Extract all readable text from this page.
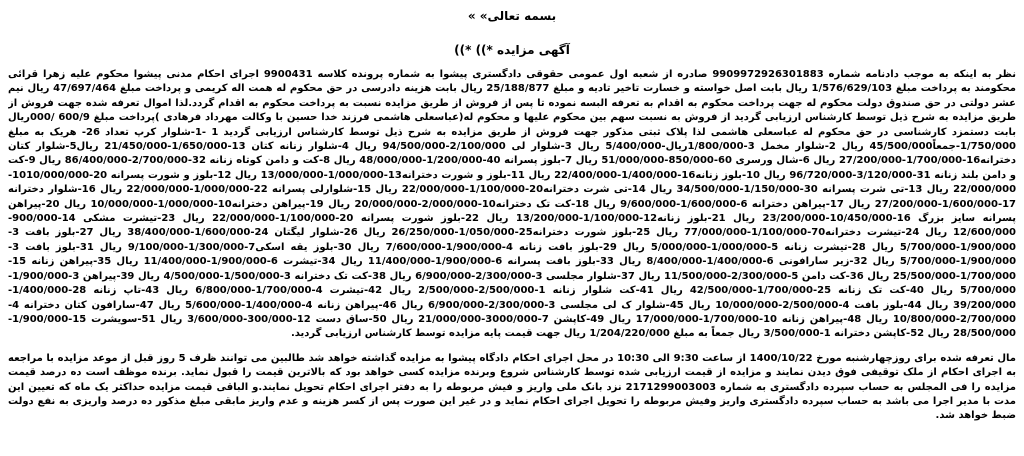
بسمه تعالی» »
آگهی مزایده *)) *))
نظر به اینکه به موجب دادنامه شماره 9909972926301883 صادره از شعبه اول عمومی حقوقی دادگستری پیشوا به شماره پرونده کلاسه 9900431 اجرای احکام مدنی پیشوا محکوم علیه زهرا قرائی محکومند به پرداخت مبلغ 1/576/629/103 ریال بابت اصل خواسته و خسارت تاخیر تادیه و مبلغ 25/188/877 ریال بابت هزینه دادرسی در حق محکوم له همت اله کریمی و پرداخت مبلغ 47/697/464 ریال نیم عشر دولتی در حق صندوق دولت محکوم له جهت پرداخت محکوم به اقدام به تعرفه البسه نموده تا پس از فروش از طریق مزایده نسبت به پرداخت محکوم به اقدام گردد.لذا اموال تعرفه شده جهت فروش از طریق مزایده به شرح ذیل توسط کارشناس ارزیابی گردید از فروش به نسبت سهم بین محکوم علیها و محکوم له(عباسعلی هاشمی فرزند خدا حسین با وکالت مهرداد فرهادی )پرداخت مبلغ 600/9 /000ریال بابت دستمزد کارشناسی در حق محکوم له عباسعلی هاشمی لذا پلاک ثبتی مذکور جهت فروش از طریق مزایده به شرح ذیل توسط کارشناس ارزیابی گردید 1 -1-شلوار کرپ تعداد 26- هریک به مبلغ 1/750/000-جمعاً45/500/000 ریال 2-شلوار مخمل 3-1/800/000ریال-5/400/000 ریال 3-شلوار لی 2/100/000-94/500/000 ریال 4-شلوار زنانه کتان 13-1/650/000-21/450/000 ریال5-شلوار کتان دخترانه16-1/700/000-27/200/000 ریال 6-شال ورسری 60-850/000-51/000/000 ریال 7-بلوز پسرانه 40-1/200/000-48/000/000 ریال 8-کت و دامن کوتاه زنانه 32-2/700/000-86/400/000 ریال 9-کت و دامن بلند زنانه 31-3/120/000-96/720/000 ریال 10-بلوز زنانه16-1/400/000-22/400/000 ریال 11-بلوز و شورت دخترانه13-1/000/000-13/000/000 ریال 12-بلوز و شورت پسرانه 20-1010/000/000-22/000/000 ریال 13-تی شرت پسرانه 30-1/150/000-34/500/000 ریال 14-تی شرت دخترانه20-1/100/000-22/000/000 ریال 15-شلوارلی پسرانه 22-1/000/000-22/000/000 ریال 16-شلوار دخترانه 17-1/600/000-27/200/000 ریال 17-پیراهن دخترانه 6-1/600/000-9/600/000 ریال 18-کت تک دخترانه10-2/000/000-20/000/000 ریال 19-پیراهن دخترانه10-1/000/000-10/000/000 ریال 20-پیراهن پسرانه سایز بزرگ 16-10/450/000-23/200/000 ریال 21-بلوز زنانه12-1/100/000-13/200/000 ریال 22-بلوز شورت پسرانه 20-1/100/000-22/000/000 ریال 23-تیشرت مشکی 14-900/000-12/600/000 ریال 24-تیشرت دخترانه70-1/100/000-77/000/000 ریال 25-بلوز شورت دخترانه25-1/050/000-26/250/000 ریال 26-شلوار لیگتان 24-1/600/000-38/400/000 ریال 27-بلوز بافت 3-1/900/000-5/700/000 ریال 28-تیشرت زنانه 5-1/000/000-5/000/000 ریال 29-بلوز بافت زنانه 4-1/900/000-7/600/000 ریال 30-بلوز یقه اسکی7-1/300/000-9/100/000 ریال 31-بلوز بافت 3-1/900/000-5/700/000 ریال 32-زیر سارافونی 6-1/400/000-8/400/000 ریال 33-بلوز بافت پسرانه 6-1/900/000-11/400/000 ریال 34-تیشرت 6-1/900/000-11/400/000 ریال 35-پیراهن زنانه 15-1/700/000-25/500/000 ریال 36-کت دامن 5-2/300/000-11/500/000 ریال 37-شلوار مجلسی 3-2/300/000-6/900/000 ریال 38-کت تک دخترانه 3-1/500/000-4/500/000 ریال 39-پیراهن 3-1/900/000-5/700/000 ریال 40-کت تک زنانه 25-1/700/000-42/500/000 ریال 41-کت شلوار زنانه 1-2/500/000-2/500/000 ریال 42-تیشرت 4-1/700/000-6/800/000 ریال 43-تاپ زنانه 28-1/400/000-39/200/000 ریال 44-بلوز بافت 4-2/500/000-10/000/000 ریال 45-شلوار ک لی مجلسی 3-2/300/000-6/900/000 ریال 46-پیراهن زنانه 4-1/400/000-5/600/000 ریال 47-سارافون کتان دخترانه 4-2/700/000-10/800/000 ریال 48-پیراهن زنانه 10-1/700/000-17/000/000 ریال 49-کاپشن 7-3000/000-21/000/000 ریال 50-ساق دست 12-300/000-3/600/000 ریال 51-سویشرت 15-1/900/000-28/500/000 ریال 52-کاپشن دخترانه 1-3/500/000 ریال جمعاً به مبلغ 1/204/220/000 ریال جهت قیمت پایه مزایده توسط کارشناس ارزیابی گردید.
مال تعرفه شده برای روزچهارشنبه مورخ 1400/10/22 از ساعت 9:30 الی 10:30 در محل اجرای احکام دادگاه پیشوا به مزایده گذاشته خواهد شد طالبین می توانند ظرف 5 روز قبل از موعد مزایده با مراجعه به اجرای احکام از ملک توقیفی فوق دیدن نمایند و مزایده از قیمت ارزیابی شده توسط کارشناس شروع وبرنده مزایده کسی خواهد بود که بالاترین قیمت را قبول نماید. برنده موظف است ده درصد قیمت مزایده را فی المجلس به حساب سپرده دادگستری به شماره 2171299003003 نزد بانک ملی واریز و فیش مربوطه را به دفتر اجرای احکام تحویل نمایند.و الباقی قیمت مزایده حداکثر یک ماه که تعیین این مدت با مدیر اجرا می باشد به حساب سپرده دادگستری واریز وفیش مربوطه را تحویل اجرای احکام نماید و در غیر این صورت پس از کسر هزینه و عدم واریز مابقی مبلغ مذکور ده درصد واریزی به نفع دولت ضبط خواهد شد.
